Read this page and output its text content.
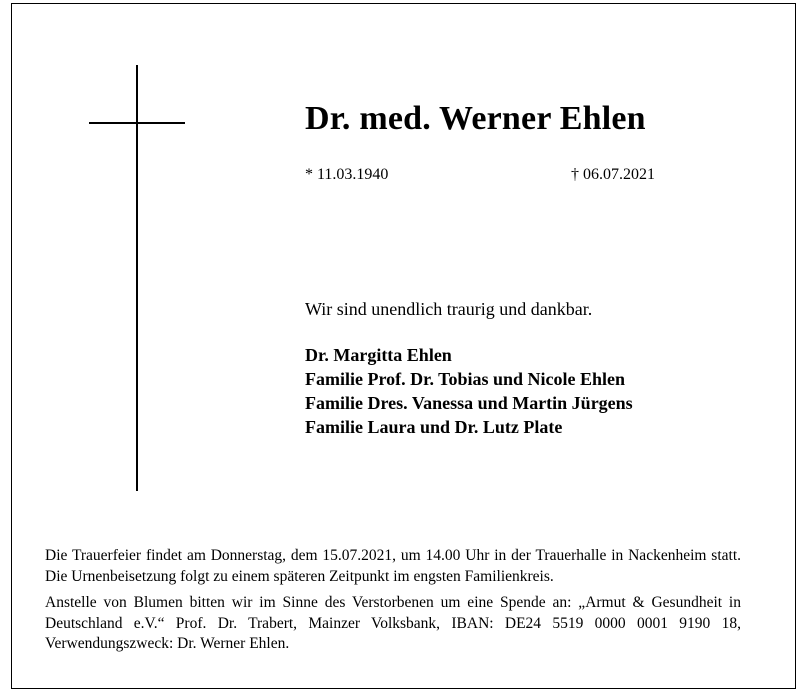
Dr. med. Werner Ehlen
* 11.03.1940	† 06.07.2021
Wir sind unendlich traurig und dankbar.
Dr. Margitta Ehlen
Familie Prof. Dr. Tobias und Nicole Ehlen
Familie Dres. Vanessa und Martin Jürgens
Familie Laura und Dr. Lutz Plate

Die Trauerfeier findet am Donnerstag, dem 15.07.2021, um 14.00 Uhr in der Trauerhalle in Nackenheim statt. Die Urnenbeisetzung folgt zu einem späteren Zeitpunkt im engsten Familienkreis.

Anstelle von Blumen bitten wir im Sinne des Verstorbenen um eine Spende an: „Armut & Gesundheit in Deutschland e.V.“ Prof. Dr. Trabert, Mainzer Volksbank, IBAN: DE24 5519 0000 0001 9190 18, Verwendungszweck: Dr. Werner Ehlen.
